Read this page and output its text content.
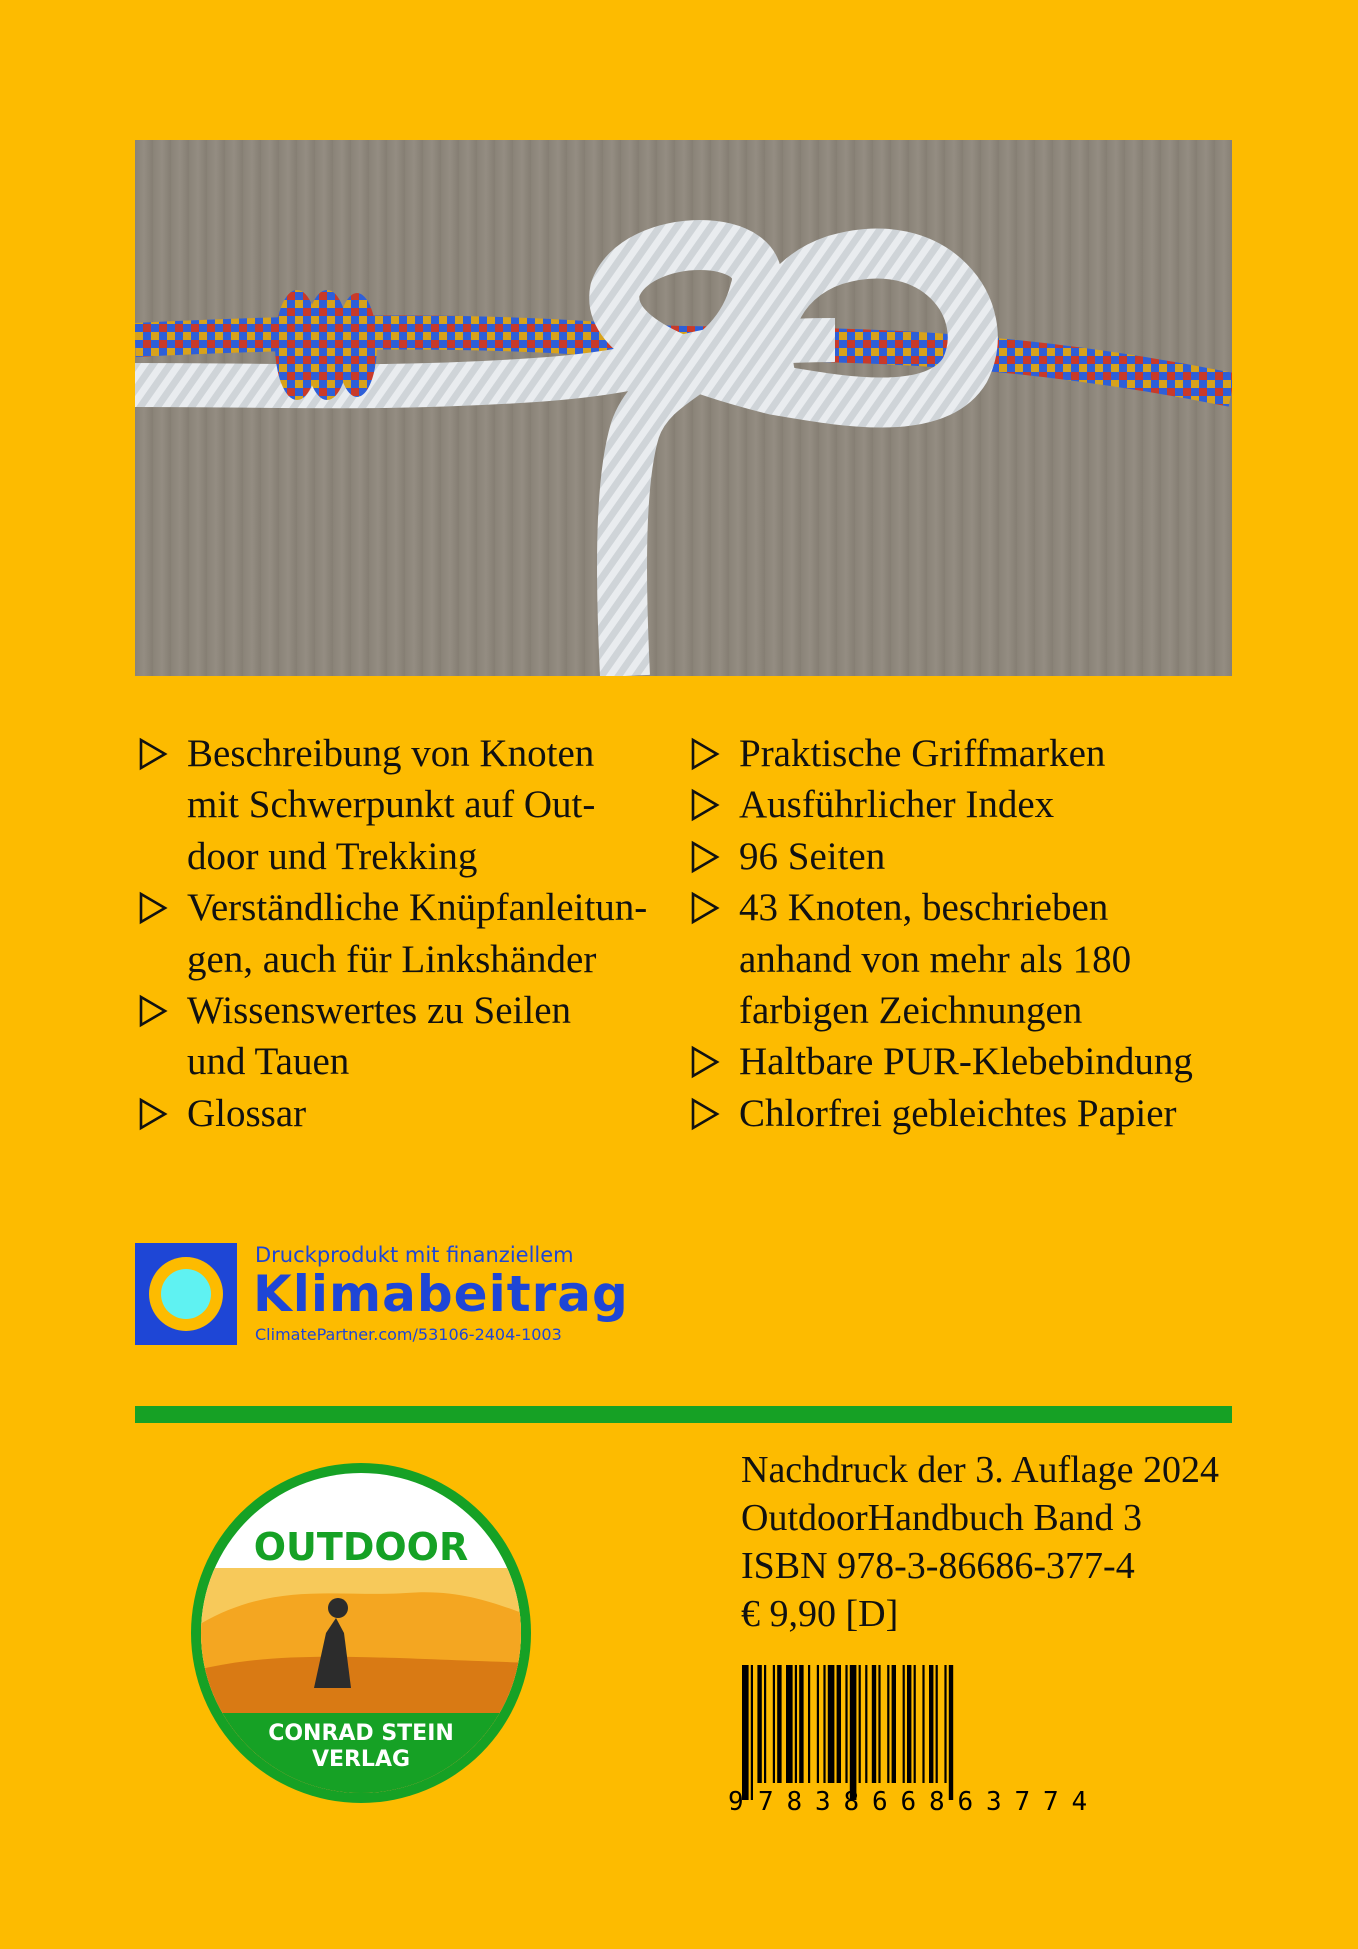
Beschreibung von Knoten
mit Schwerpunkt auf Out-
door und Trekking
Verständliche Knüpfanleitun-
gen, auch für Linkshänder
Wissenswertes zu Seilen
und Tauen
Glossar
Praktische Griffmarken
Ausführlicher Index
96 Seiten
43 Knoten, beschrieben
anhand von mehr als 180
farbigen Zeichnungen
Haltbare PUR-Klebebindung
Chlorfrei gebleichtes Papier
Druckprodukt mit finanziellem
Klimabeitrag
ClimatePartner.com/53106-2404-1003
OUTDOOR
CONRAD STEIN
VERLAG
Nachdruck der 3. Auflage 2024
OutdoorHandbuch Band 3
ISBN 978-3-86686-377-4
€ 9,90 [D]
9 7 8 3 8 6 6 8 6 3 7 7 4
